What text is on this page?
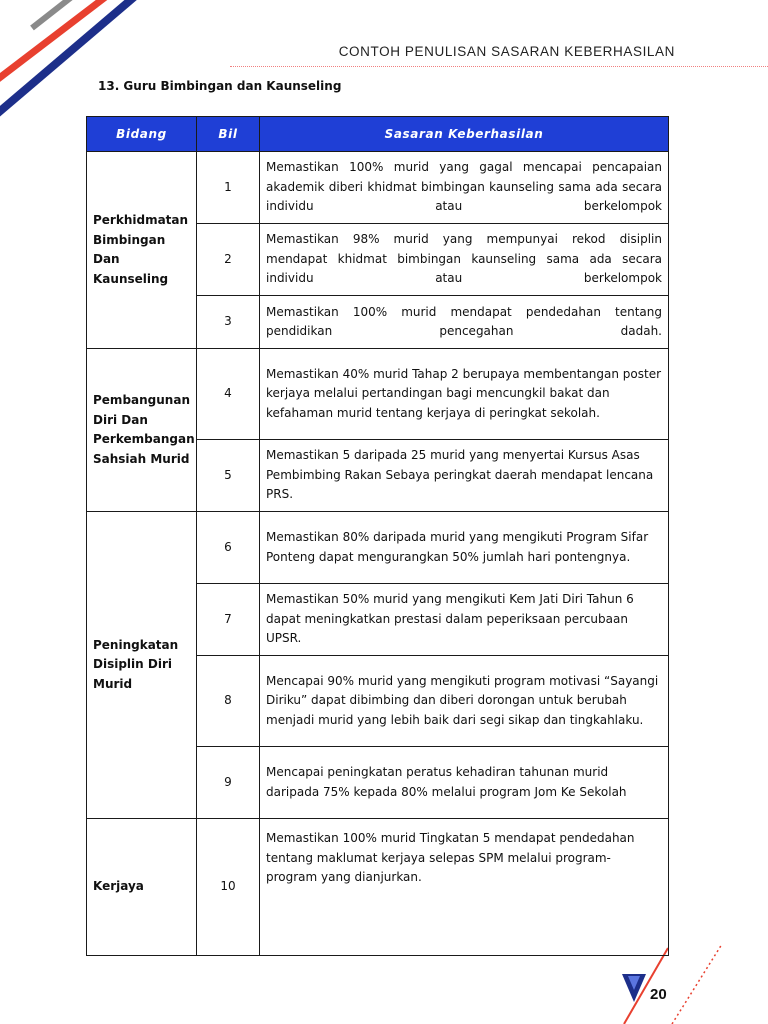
CONTOH PENULISAN SASARAN KEBERHASILAN
13. Guru Bimbingan dan Kaunseling
Bidang	Bil	Sasaran Keberhasilan
Perkhidmatan Bimbingan Dan Kaunseling	1	Memastikan 100% murid yang gagal mencapai pencapaian akademik diberi khidmat bimbingan kaunseling sama ada secara individu atau berkelompok
	2	Memastikan 98% murid yang mempunyai rekod disiplin mendapat khidmat bimbingan kaunseling sama ada secara individu atau berkelompok
	3	Memastikan 100% murid mendapat pendedahan tentang pendidikan pencegahan dadah.
Pembangunan Diri Dan Perkembangan Sahsiah Murid	4	Memastikan 40% murid Tahap 2 berupaya membentangan poster kerjaya melalui pertandingan bagi mencungkil bakat dan kefahaman murid tentang kerjaya di peringkat sekolah.
	5	Memastikan 5 daripada 25 murid yang menyertai Kursus Asas Pembimbing Rakan Sebaya peringkat daerah mendapat lencana PRS.
Peningkatan Disiplin Diri Murid	6	Memastikan 80% daripada murid yang mengikuti Program Sifar Ponteng dapat mengurangkan 50% jumlah hari pontengnya.
	7	Memastikan 50% murid yang mengikuti Kem Jati Diri Tahun 6 dapat meningkatkan prestasi dalam peperiksaan percubaan UPSR.
	8	Mencapai 90% murid yang mengikuti program motivasi “Sayangi Diriku” dapat dibimbing dan diberi dorongan untuk berubah menjadi murid yang lebih baik dari segi sikap dan tingkahlaku.
	9	Mencapai peningkatan peratus kehadiran tahunan murid daripada 75% kepada 80% melalui program Jom Ke Sekolah
Kerjaya	10	Memastikan 100% murid Tingkatan 5 mendapat pendedahan tentang maklumat kerjaya selepas SPM melalui program-program yang dianjurkan.
20
